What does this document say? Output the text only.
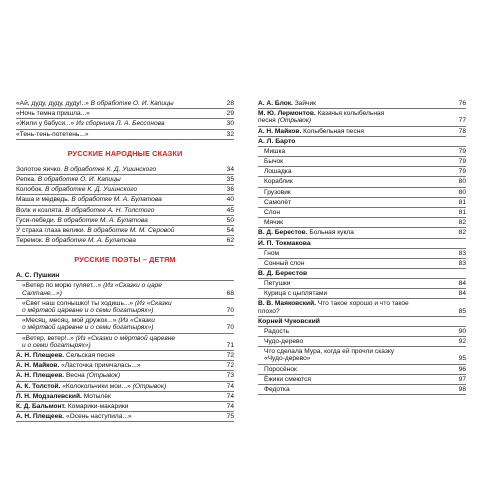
«Ай, дуду, дуду, дуду!..» В обработке О. И. Капицы	28
«Ночь темна пришла...»	29
«Жили у бабуси...» Из сборника Л. А. Бессонова	30
«Тень-тень-потетень...»	32
РУССКИЕ НАРОДНЫЕ СКАЗКИ
Золотое яичко. В обработке К. Д. Ушинского	34
Репка. В обработке О. И. Капицы	35
Колобок. В обработке К. Д. Ушинского	36
Маша и медведь. В обработке М. А. Булатова	40
Волк и козлята. В обработке А. Н. Толстого	45
Гуси-лебеди. В обработке М. А. Булатова	50
У страха глаза велики. В обработке М. М. Серовой	54
Теремок. В обработке М. А. Булатова	62
РУССКИЕ ПОЭТЫ – ДЕТЯМ
А. С. Пушкин
«Ветер по морю гуляет...» (Из «Сказки о царе
Салтане...»)	68
«Свет наш солнышко! ты ходишь...» (Из «Сказки
о мёртвой царевне и о семи богатырях»)	70
«Месяц, месяц, мой дружок...» (Из «Сказки
о мёртвой царевне и о семи богатырях»)	70
«Ветер, ветер!..» (Из «Сказки о мёртвой царевне
и о семи богатырях»)	71
А. Н. Плещеев. Сельская песня	72
А. Н. Майков. «Ласточка примчалась...»	72
А. Н. Плещеев. Весна (Отрывок)	73
А. К. Толстой. «Колокольчики мои...» (Отрывок)	74
Л. Н. Модзалевский. Мотылёк	74
К. Д. Бальмонт. Комарики-макарики	74
А. Н. Плещеев. «Осень наступила...»	75
А. А. Блок. Зайчик	76
М. Ю. Лермонтов. Казачья колыбельная
песня (Отрывок)	77
А. Н. Майков. Колыбельная песня	78
А. Л. Барто
Мишка	79
Бычок	79
Лошадка	79
Кораблик	80
Грузовик	80
Самолёт	81
Слон	81
Мячик	82
В. Д. Берестов. Больная кукла	82
И. П. Токмакова
Гном	83
Сонный слон	83
В. Д. Берестов
Петушки	84
Курица с цыплятами	84
В. В. Маяковский. Что такое хорошо и что такое
плохо?	85
Корней Чуковский
Радость	90
Чудо-дерево	92
Что сделала Мура, когда ей прочли сказку
«Чудо-дерево»	95
Поросёнок	96
Ёжики смеются	97
Федотка	98
